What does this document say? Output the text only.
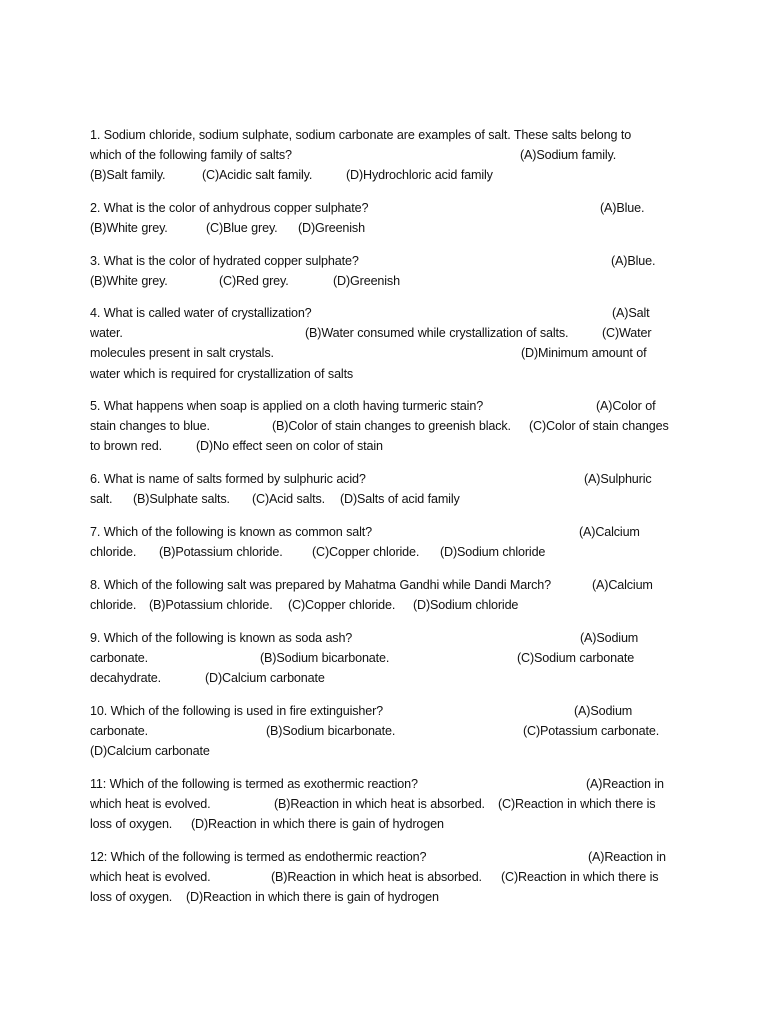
1. Sodium chloride, sodium sulphate, sodium carbonate are examples of salt. These salts belong to
which of the following family of salts?	(A)Sodium family.
(B)Salt family.	(C)Acidic salt family.	(D)Hydrochloric acid family
2. What is the color of anhydrous copper sulphate?	(A)Blue.
(B)White grey.	(C)Blue grey. (D)Greenish
3. What is the color of hydrated copper sulphate?	(A)Blue.
(B)White grey.	(C)Red grey.	(D)Greenish
4. What is called water of crystallization?	(A)Salt
water.	(B)Water consumed while crystallization of salts.	(C)Water
molecules present in salt crystals.	(D)Minimum amount of
water which is required for crystallization of salts
5. What happens when soap is applied on a cloth having turmeric stain?	(A)Color of
stain changes to blue.	(B)Color of stain changes to greenish black. (C)Color of stain changes
to brown red.	(D)No effect seen on color of stain
6. What is name of salts formed by sulphuric acid?	(A)Sulphuric
salt. (B)Sulphate salts. (C)Acid salts. (D)Salts of acid family
7. Which of the following is known as common salt?	(A)Calcium
chloride. (B)Potassium chloride. (C)Copper chloride. (D)Sodium chloride
8. Which of the following salt was prepared by Mahatma Gandhi while Dandi March?	(A)Calcium
chloride. (B)Potassium chloride. (C)Copper chloride. (D)Sodium chloride
9. Which of the following is known as soda ash?	(A)Sodium
carbonate.	(B)Sodium bicarbonate.	(C)Sodium carbonate
decahydrate.	(D)Calcium carbonate
10. Which of the following is used in fire extinguisher?	(A)Sodium
carbonate.	(B)Sodium bicarbonate.	(C)Potassium carbonate.
(D)Calcium carbonate
11: Which of the following is termed as exothermic reaction?	(A)Reaction in
which heat is evolved.	(B)Reaction in which heat is absorbed. (C)Reaction in which there is
loss of oxygen. (D)Reaction in which there is gain of hydrogen
12: Which of the following is termed as endothermic reaction?	(A)Reaction in
which heat is evolved.	(B)Reaction in which heat is absorbed. (C)Reaction in which there is
loss of oxygen. (D)Reaction in which there is gain of hydrogen
